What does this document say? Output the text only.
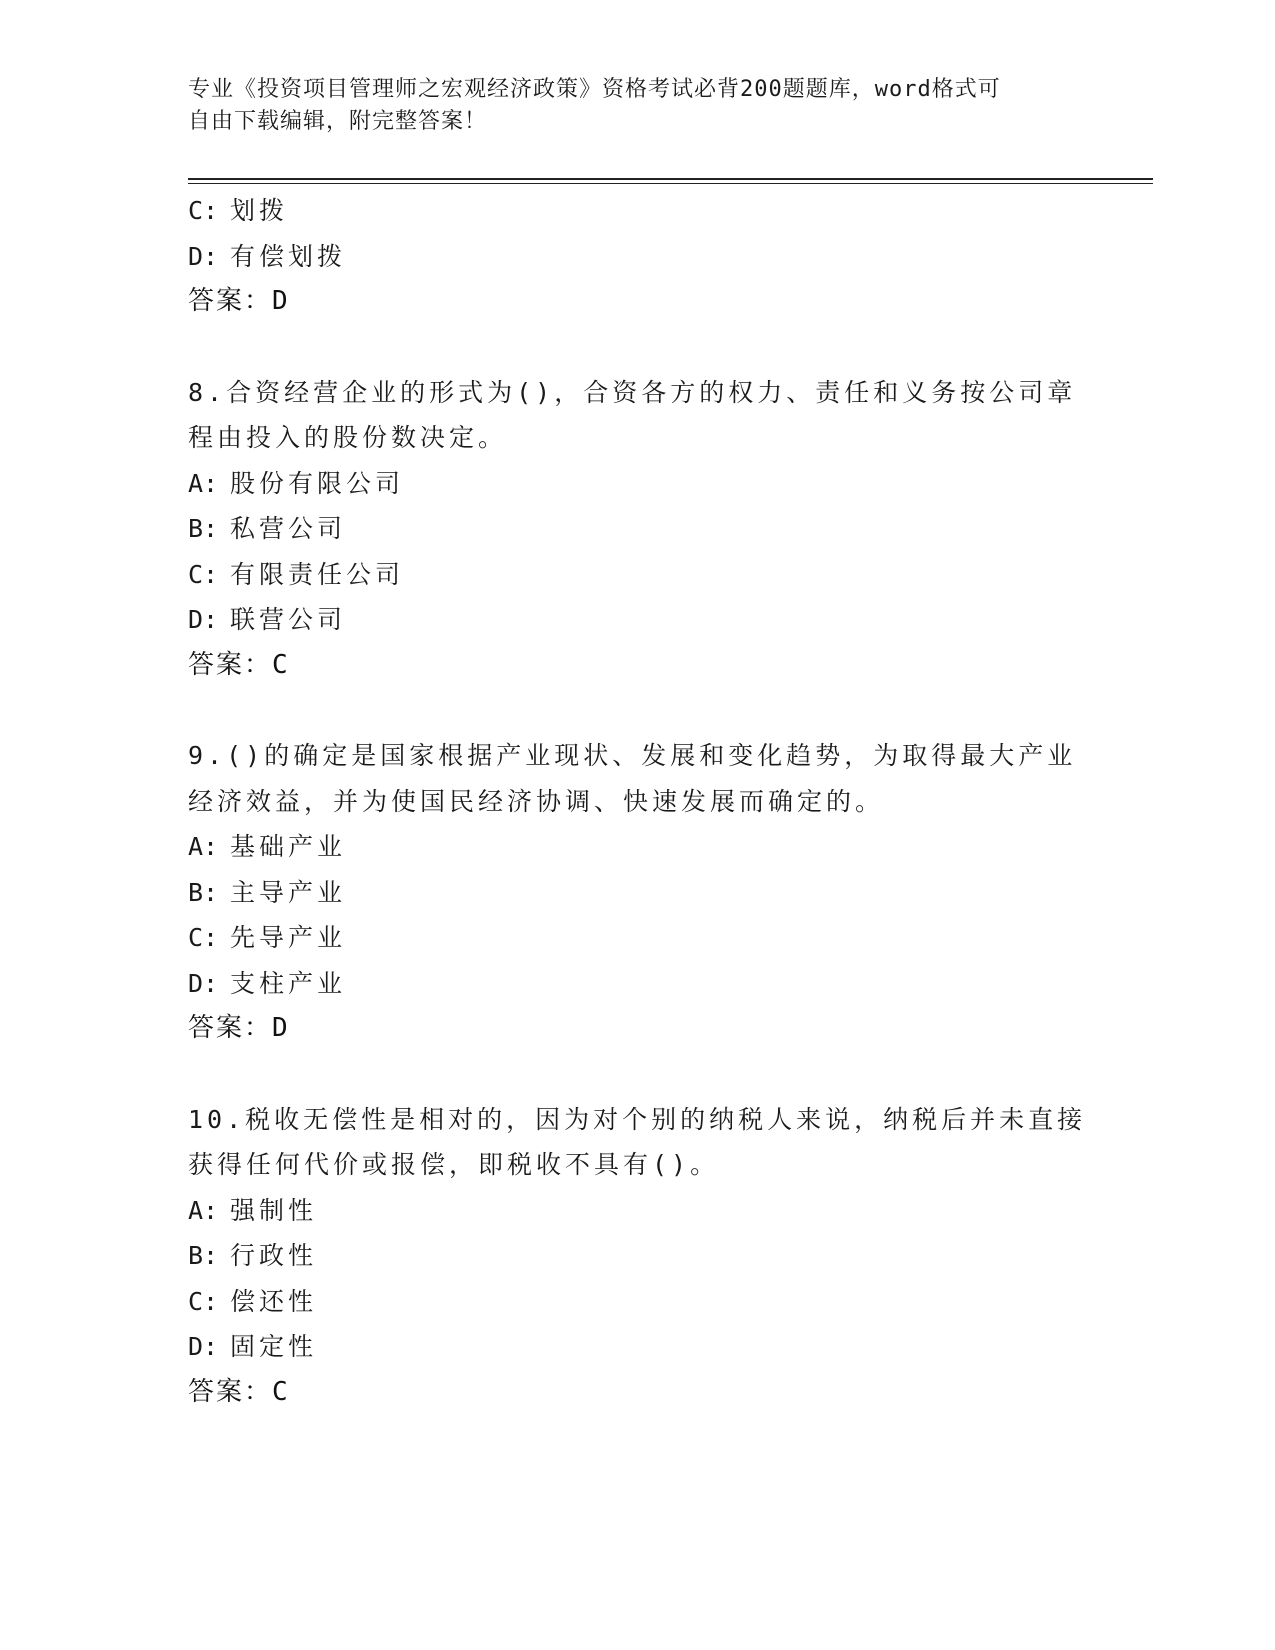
专业《投资项目管理师之宏观经济政策》资格考试必背200题题库，word格式可
自由下载编辑，附完整答案！
C: 划拨
D: 有偿划拨
答案：D
8.合资经营企业的形式为()，合资各方的权力、责任和义务按公司章
程由投入的股份数决定。
A: 股份有限公司
B: 私营公司
C: 有限责任公司
D: 联营公司
答案：C
9.()的确定是国家根据产业现状、发展和变化趋势，为取得最大产业
经济效益，并为使国民经济协调、快速发展而确定的。
A: 基础产业
B: 主导产业
C: 先导产业
D: 支柱产业
答案：D
10.税收无偿性是相对的，因为对个别的纳税人来说，纳税后并未直接
获得任何代价或报偿，即税收不具有()。
A: 强制性
B: 行政性
C: 偿还性
D: 固定性
答案：C
